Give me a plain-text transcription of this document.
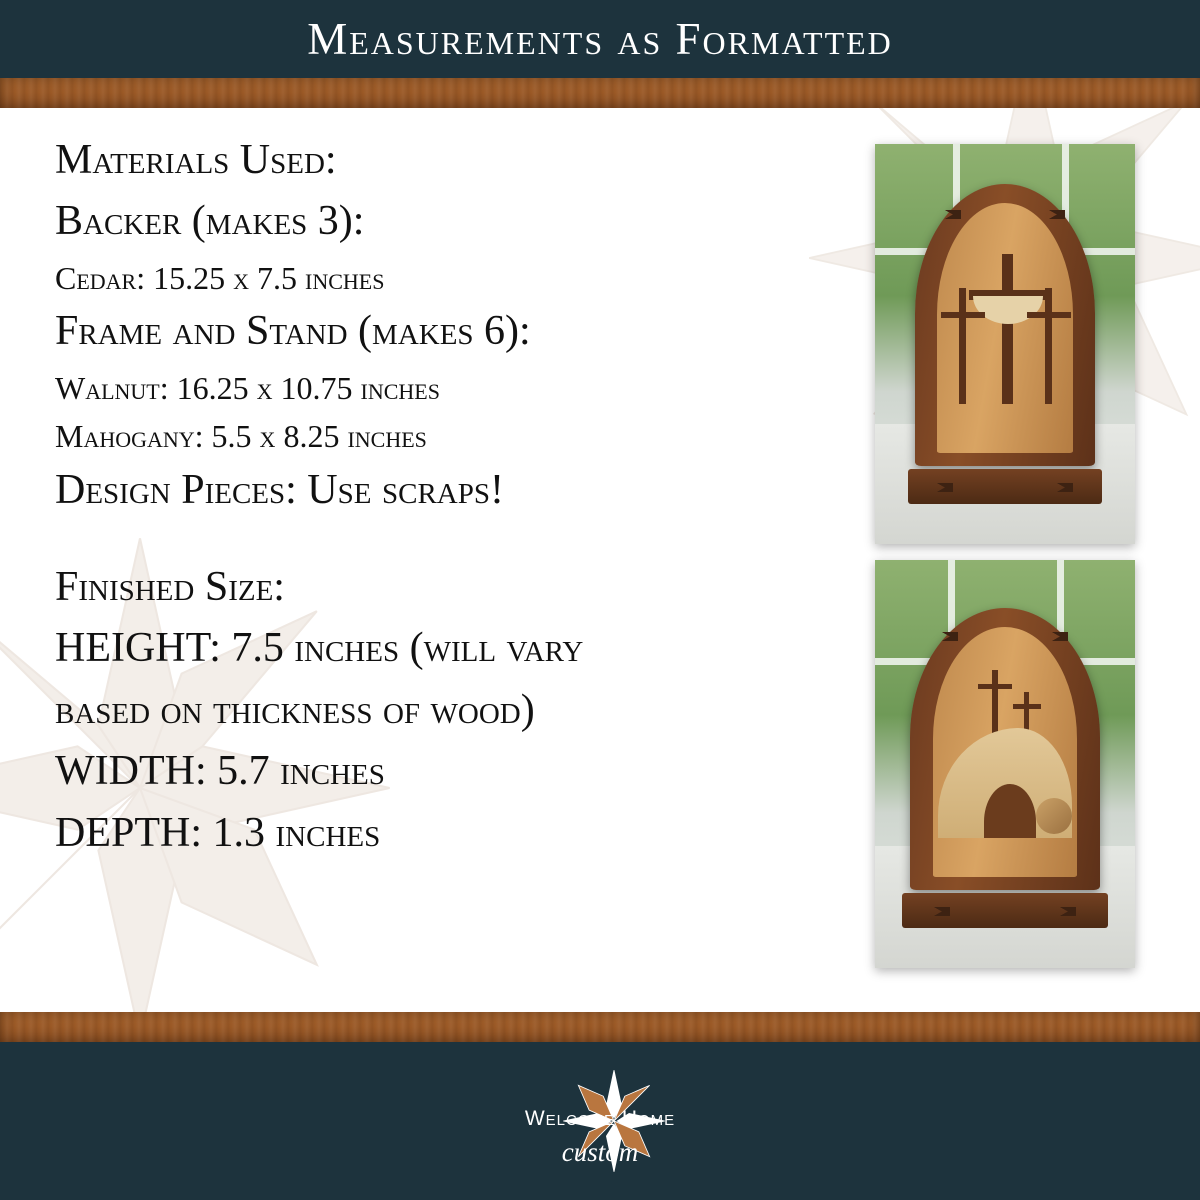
Measurements as Formatted
Materials Used:
Backer (makes 3):
Cedar: 15.25 x 7.5 inches
Frame and Stand (makes 6):
Walnut: 16.25 x 10.75 inches
Mahogany: 5.5 x 8.25 inches
Design Pieces: Use scraps!
Finished Size:
HEIGHT: 7.5 inches (will vary
based on thickness of wood)
WIDTH: 5.7 inches
DEPTH: 1.3 inches
Welcome Home
custom
